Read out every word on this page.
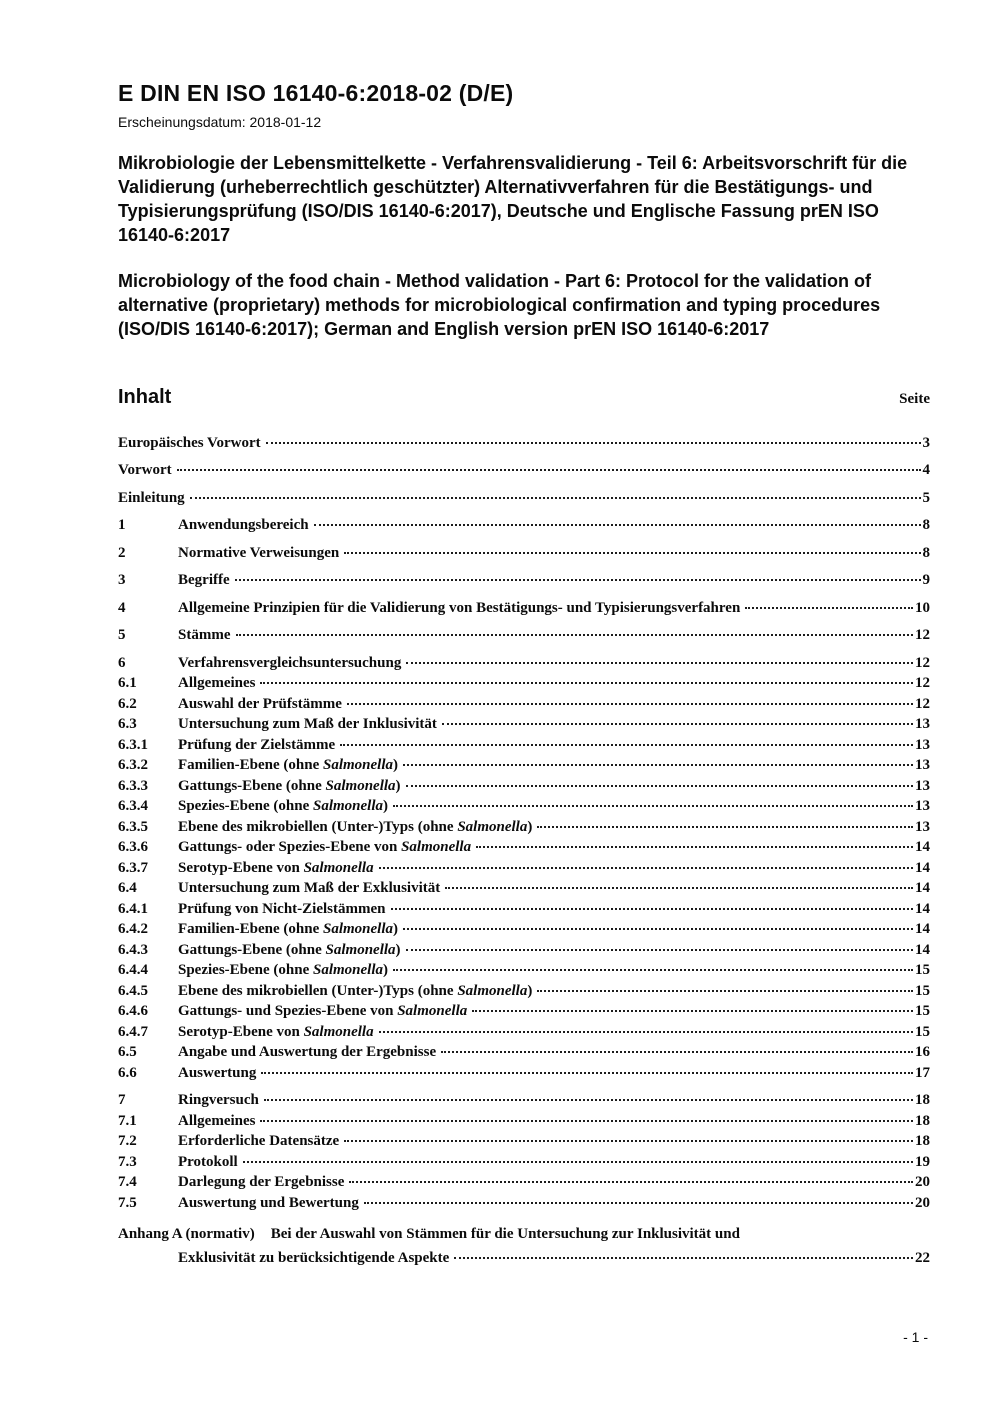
E DIN EN ISO 16140-6:2018-02 (D/E)
Erscheinungsdatum: 2018-01-12

Mikrobiologie der Lebensmittelkette - Verfahrensvalidierung - Teil 6: Arbeitsvorschrift für die Validierung (urheberrechtlich geschützter) Alternativverfahren für die Bestätigungs- und Typisierungsprüfung (ISO/DIS 16140-6:2017), Deutsche und Englische Fassung prEN ISO 16140-6:2017

Microbiology of the food chain - Method validation - Part 6: Protocol for the validation of alternative (proprietary) methods for microbiological confirmation and typing procedures (ISO/DIS 16140-6:2017); German and English version prEN ISO 16140-6:2017

Inhalt	Seite
Europäisches Vorwort	3
Vorwort	4
Einleitung	5
1	Anwendungsbereich	8
2	Normative Verweisungen	8
3	Begriffe	9
4	Allgemeine Prinzipien für die Validierung von Bestätigungs- und Typisierungsverfahren	10
5	Stämme	12
6	Verfahrensvergleichsuntersuchung	12
6.1	Allgemeines	12
6.2	Auswahl der Prüfstämme	12
6.3	Untersuchung zum Maß der Inklusivität	13
6.3.1	Prüfung der Zielstämme	13
6.3.2	Familien-Ebene (ohne Salmonella)	13
6.3.3	Gattungs-Ebene (ohne Salmonella)	13
6.3.4	Spezies-Ebene (ohne Salmonella)	13
6.3.5	Ebene des mikrobiellen (Unter-)Typs (ohne Salmonella)	13
6.3.6	Gattungs- oder Spezies-Ebene von Salmonella	14
6.3.7	Serotyp-Ebene von Salmonella	14
6.4	Untersuchung zum Maß der Exklusivität	14
6.4.1	Prüfung von Nicht-Zielstämmen	14
6.4.2	Familien-Ebene (ohne Salmonella)	14
6.4.3	Gattungs-Ebene (ohne Salmonella)	14
6.4.4	Spezies-Ebene (ohne Salmonella)	15
6.4.5	Ebene des mikrobiellen (Unter-)Typs (ohne Salmonella)	15
6.4.6	Gattungs- und Spezies-Ebene von Salmonella	15
6.4.7	Serotyp-Ebene von Salmonella	15
6.5	Angabe und Auswertung der Ergebnisse	16
6.6	Auswertung	17
7	Ringversuch	18
7.1	Allgemeines	18
7.2	Erforderliche Datensätze	18
7.3	Protokoll	19
7.4	Darlegung der Ergebnisse	20
7.5	Auswertung und Bewertung	20
Anhang A (normativ) Bei der Auswahl von Stämmen für die Untersuchung zur Inklusivität und
Exklusivität zu berücksichtigende Aspekte	22
- 1 -
